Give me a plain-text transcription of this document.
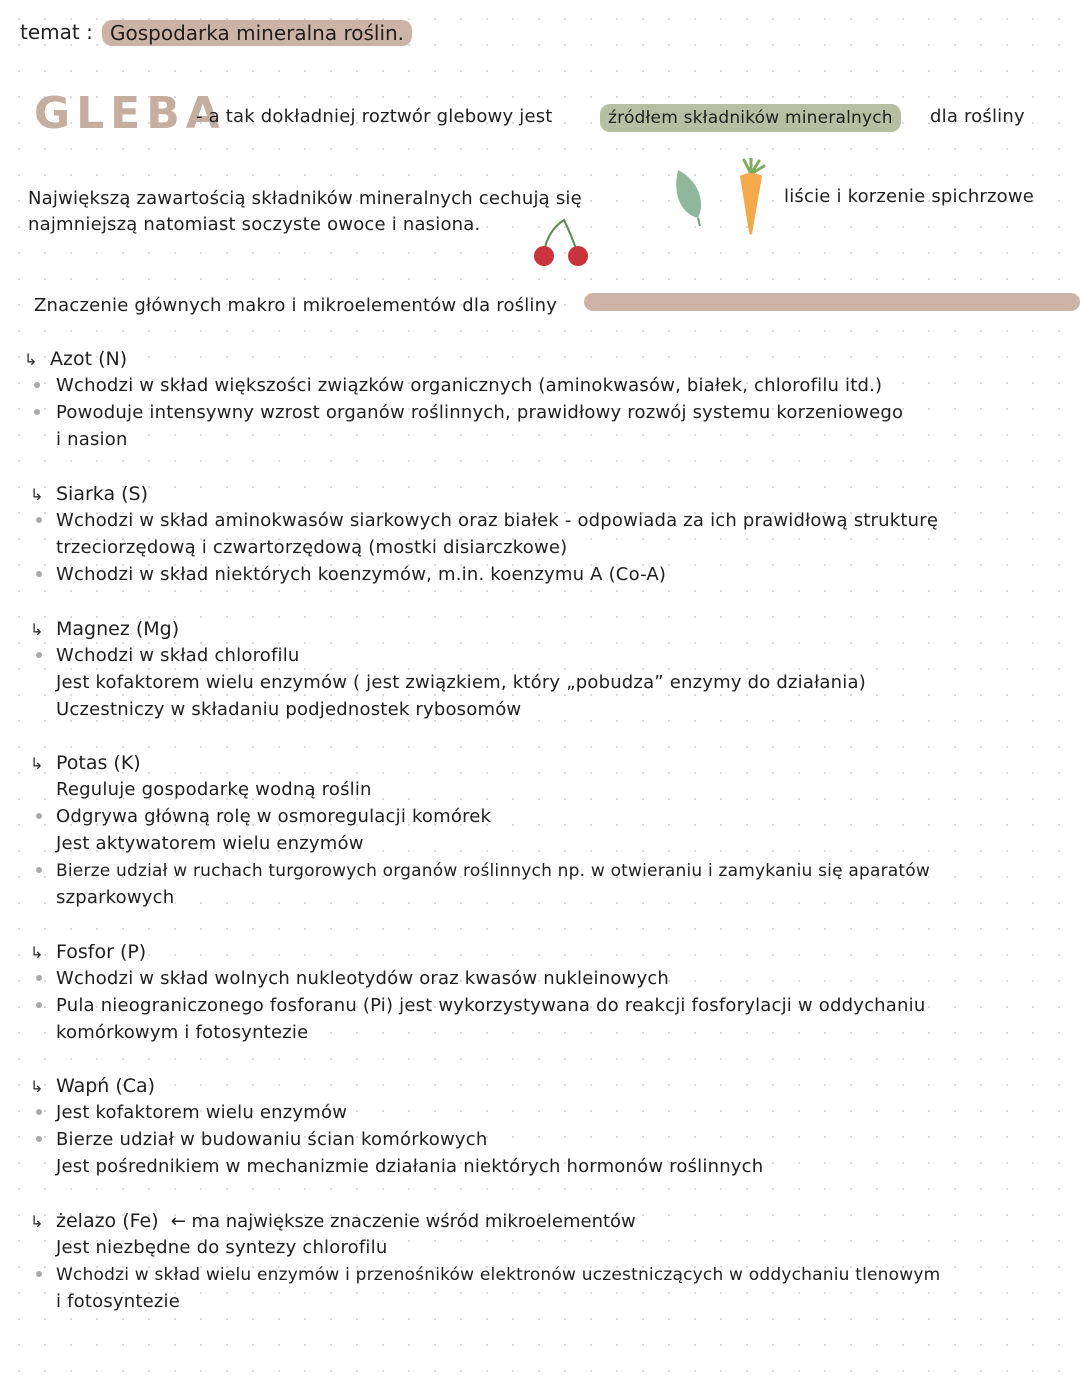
temat : Gospodarka mineralna roślin.
GLEBA
- a tak dokładniej roztwór glebowy jest	źródłem składników mineralnych	dla rośliny
Największą zawartością składników mineralnych cechują się
najmniejszą natomiast soczyste owoce i nasiona.
liście i korzenie spichrzowe
Znaczenie głównych makro i mikroelementów dla rośliny
↳ Azot (N)
Wchodzi w skład większości związków organicznych (aminokwasów, białek, chlorofilu itd.)
Powoduje intensywny wzrost organów roślinnych, prawidłowy rozwój systemu korzeniowego
i nasion
↳ Siarka (S)
Wchodzi w skład aminokwasów siarkowych oraz białek - odpowiada za ich prawidłową strukturę
trzeciorzędową i czwartorzędową (mostki disiarczkowe)
Wchodzi w skład niektórych koenzymów, m.in. koenzymu A (Co-A)
↳ Magnez (Mg)
Wchodzi w skład chlorofilu
Jest kofaktorem wielu enzymów ( jest związkiem, który „pobudza” enzymy do działania)
Uczestniczy w składaniu podjednostek rybosomów
↳ Potas (K)
Reguluje gospodarkę wodną roślin
Odgrywa główną rolę w osmoregulacji komórek
Jest aktywatorem wielu enzymów
Bierze udział w ruchach turgorowych organów roślinnych np. w otwieraniu i zamykaniu się aparatów
szparkowych
↳ Fosfor (P)
Wchodzi w skład wolnych nukleotydów oraz kwasów nukleinowych
Pula nieograniczonego fosforanu (Pi) jest wykorzystywana do reakcji fosforylacji w oddychaniu
komórkowym i fotosyntezie
↳ Wapń (Ca)
Jest kofaktorem wielu enzymów
Bierze udział w budowaniu ścian komórkowych
Jest pośrednikiem w mechanizmie działania niektórych hormonów roślinnych
↳ żelazo (Fe) ← ma największe znaczenie wśród mikroelementów
Jest niezbędne do syntezy chlorofilu
Wchodzi w skład wielu enzymów i przenośników elektronów uczestniczących w oddychaniu tlenowym
i fotosyntezie
